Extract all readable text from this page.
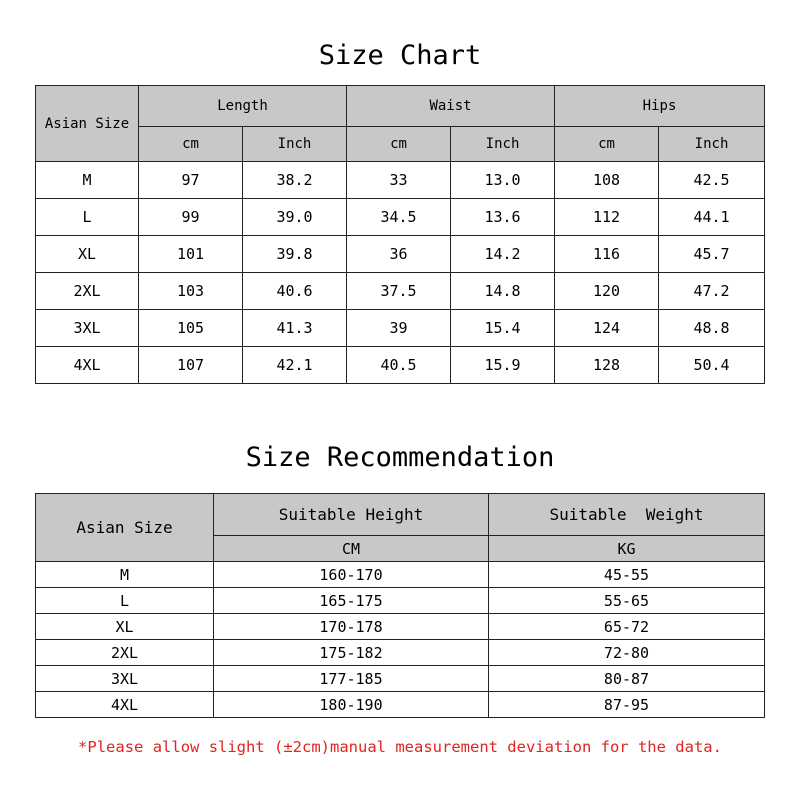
Size Chart
Asian Size	Length		Waist		Hips	
	cm	Inch	cm	Inch	cm	Inch
M	97	38.2	33	13.0	108	42.5
L	99	39.0	34.5	13.6	112	44.1
XL	101	39.8	36	14.2	116	45.7
2XL	103	40.6	37.5	14.8	120	47.2
3XL	105	41.3	39	15.4	124	48.8
4XL	107	42.1	40.5	15.9	128	50.4
Size Recommendation
Asian Size	Suitable Height	Suitable  Weight
	CM	KG
M	160-170	45-55
L	165-175	55-65
XL	170-178	65-72
2XL	175-182	72-80
3XL	177-185	80-87
4XL	180-190	87-95
*Please allow slight (±2cm)manual measurement deviation for the data.
